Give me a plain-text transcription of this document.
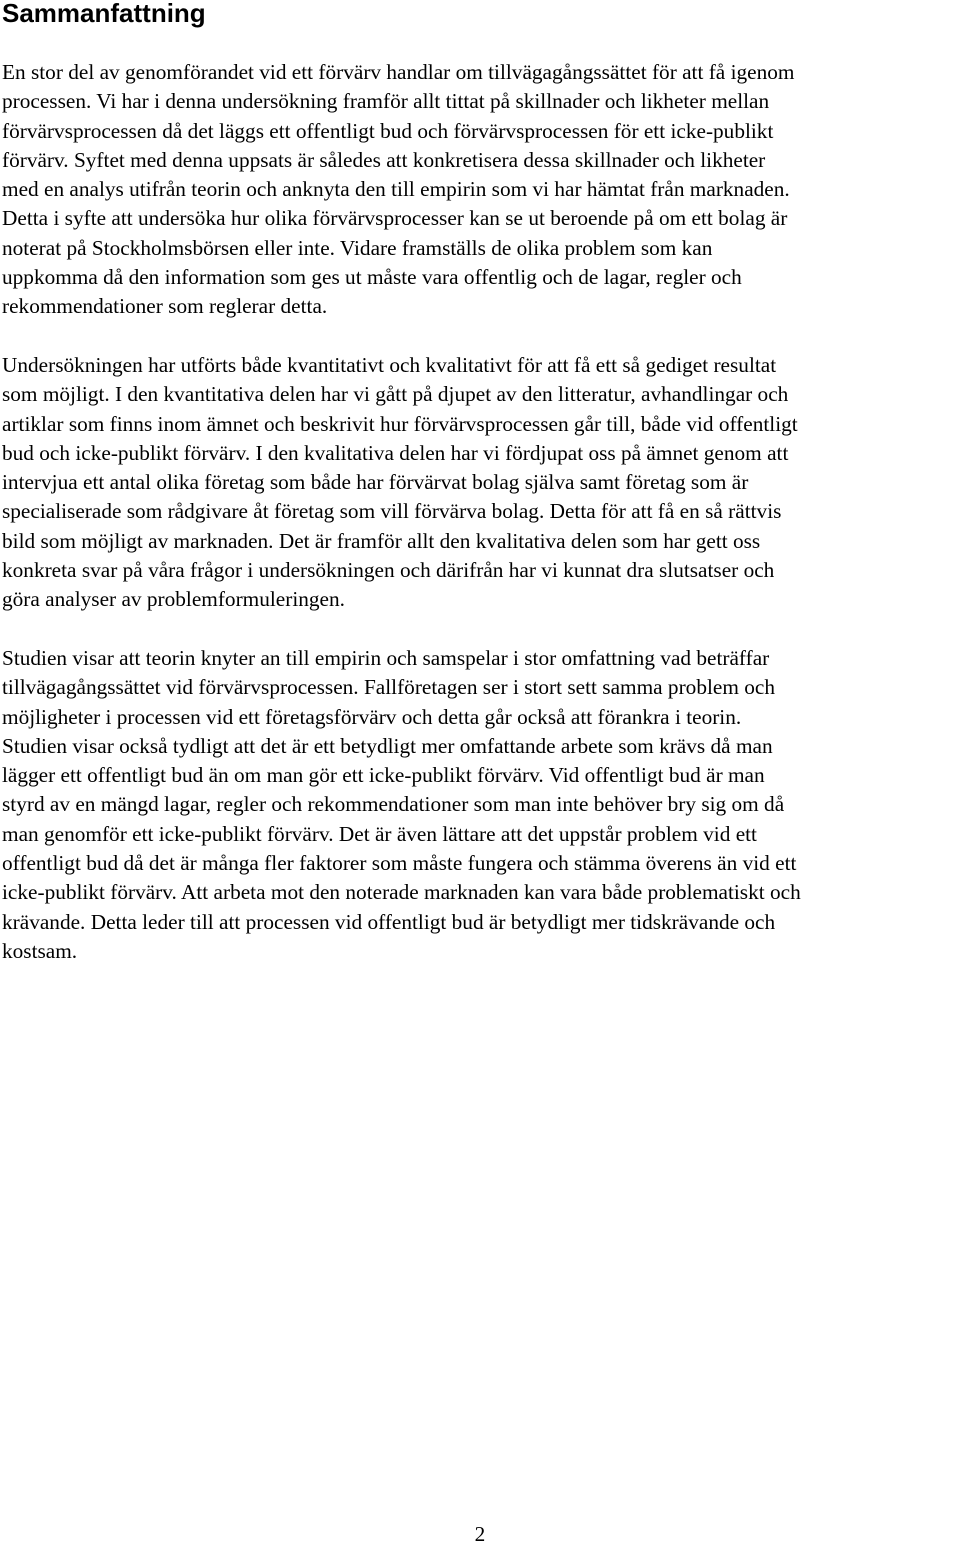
Sammanfattning

En stor del av genomförandet vid ett förvärv handlar om tillvägagångssättet för att få igenom
processen. Vi har i denna undersökning framför allt tittat på skillnader och likheter mellan
förvärvsprocessen då det läggs ett offentligt bud och förvärvsprocessen för ett icke-publikt
förvärv. Syftet med denna uppsats är således att konkretisera dessa skillnader och likheter
med en analys utifrån teorin och anknyta den till empirin som vi har hämtat från marknaden.
Detta i syfte att undersöka hur olika förvärvsprocesser kan se ut beroende på om ett bolag är
noterat på Stockholmsbörsen eller inte. Vidare framställs de olika problem som kan
uppkomma då den information som ges ut måste vara offentlig och de lagar, regler och
rekommendationer som reglerar detta.

Undersökningen har utförts både kvantitativt och kvalitativt för att få ett så gediget resultat
som möjligt. I den kvantitativa delen har vi gått på djupet av den litteratur, avhandlingar och
artiklar som finns inom ämnet och beskrivit hur förvärvsprocessen går till, både vid offentligt
bud och icke-publikt förvärv. I den kvalitativa delen har vi fördjupat oss på ämnet genom att
intervjua ett antal olika företag som både har förvärvat bolag själva samt företag som är
specialiserade som rådgivare åt företag som vill förvärva bolag. Detta för att få en så rättvis
bild som möjligt av marknaden. Det är framför allt den kvalitativa delen som har gett oss
konkreta svar på våra frågor i undersökningen och därifrån har vi kunnat dra slutsatser och
göra analyser av problemformuleringen.

Studien visar att teorin knyter an till empirin och samspelar i stor omfattning vad beträffar
tillvägagångssättet vid förvärvsprocessen. Fallföretagen ser i stort sett samma problem och
möjligheter i processen vid ett företagsförvärv och detta går också att förankra i teorin.
Studien visar också tydligt att det är ett betydligt mer omfattande arbete som krävs då man
lägger ett offentligt bud än om man gör ett icke-publikt förvärv. Vid offentligt bud är man
styrd av en mängd lagar, regler och rekommendationer som man inte behöver bry sig om då
man genomför ett icke-publikt förvärv. Det är även lättare att det uppstår problem vid ett
offentligt bud då det är många fler faktorer som måste fungera och stämma överens än vid ett
icke-publikt förvärv. Att arbeta mot den noterade marknaden kan vara både problematiskt och
krävande. Detta leder till att processen vid offentligt bud är betydligt mer tidskrävande och
kostsam.

2
